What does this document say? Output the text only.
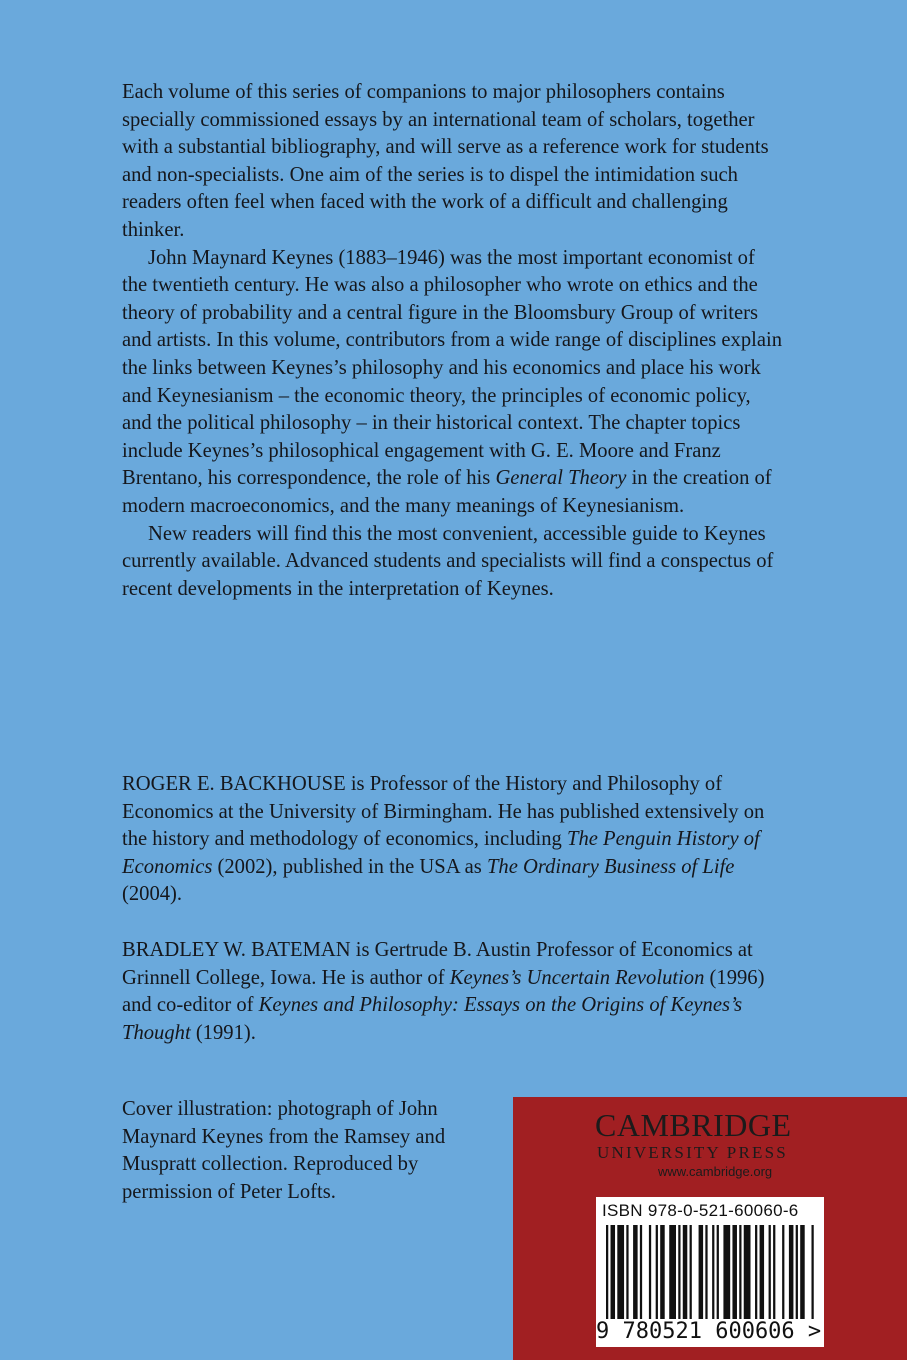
Each volume of this series of companions to major philosophers contains specially commissioned essays by an international team of scholars, together with a substantial bibliography, and will serve as a reference work for students and non-specialists. One aim of the series is to dispel the intimidation such readers often feel when faced with the work of a difficult and challenging thinker.

John Maynard Keynes (1883–1946) was the most important economist of the twentieth century. He was also a philosopher who wrote on ethics and the theory of probability and a central figure in the Bloomsbury Group of writers and artists. In this volume, contributors from a wide range of disciplines explain the links between Keynes’s philosophy and his economics and place his work and Keynesianism – the economic theory, the principles of economic policy, and the political philosophy – in their historical context. The chapter topics include Keynes’s philosophical engagement with G. E. Moore and Franz Brentano, his correspondence, the role of his General Theory in the creation of modern macroeconomics, and the many meanings of Keynesianism.

New readers will find this the most convenient, accessible guide to Keynes currently available. Advanced students and specialists will find a conspectus of recent developments in the interpretation of Keynes.

ROGER E. BACKHOUSE is Professor of the History and Philosophy of Economics at the University of Birmingham. He has published extensively on the history and methodology of economics, including The Penguin History of Economics (2002), published in the USA as The Ordinary Business of Life (2004).

BRADLEY W. BATEMAN is Gertrude B. Austin Professor of Economics at Grinnell College, Iowa. He is author of Keynes’s Uncertain Revolution (1996) and co-editor of Keynes and Philosophy: Essays on the Origins of Keynes’s Thought (1991).

Cover illustration: photograph of John Maynard Keynes from the Ramsey and Muspratt collection. Reproduced by permission of Peter Lofts.
CAMBRIDGE
UNIVERSITY PRESS
www.cambridge.org
ISBN 978-0-521-60060-6
9 780521 600606 >
